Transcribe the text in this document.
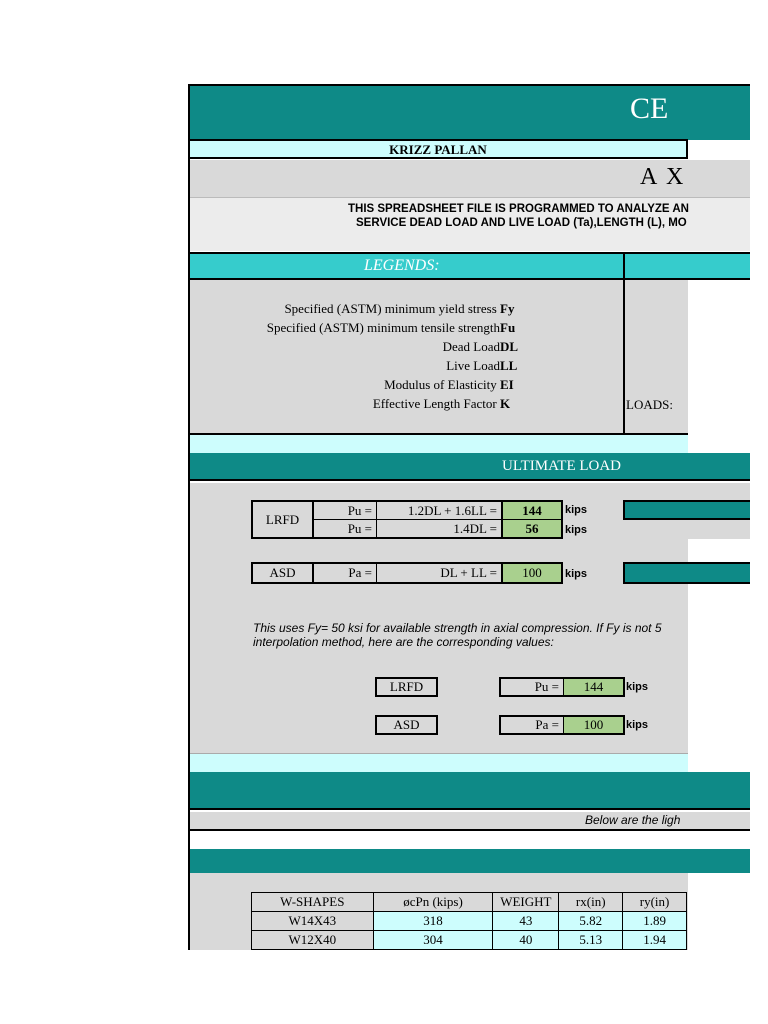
CE
KRIZZ PALLAN
A X
THIS SPREADSHEET FILE IS PROGRAMMED TO ANALYZE AN
SERVICE DEAD LOAD AND LIVE LOAD (Ta),LENGTH (L), MO
LEGENDS:
Specified (ASTM) minimum yield stress Fy
Specified (ASTM) minimum tensile strengthFu
Dead LoadDL
Live LoadLL
Modulus of Elasticity EI
Effective Length Factor K	LOADS:
ULTIMATE LOAD
LRFD
Pu =	1.2DL + 1.6LL =	144	kips
Pu =	1.4DL =	56	kips
ASD	Pa =	DL + LL =	100	kips
This uses Fy= 50 ksi for available strength in axial compression. If Fy is not 5
interpolation method, here are the corresponding values:
LRFD	Pu =	144	kips
ASD	Pa =	100	kips
Below are the ligh
W-SHAPES	øcPn (kips)	WEIGHT	rx(in)	ry(in)
W14X43	318	43	5.82	1.89
W12X40	304	40	5.13	1.94
